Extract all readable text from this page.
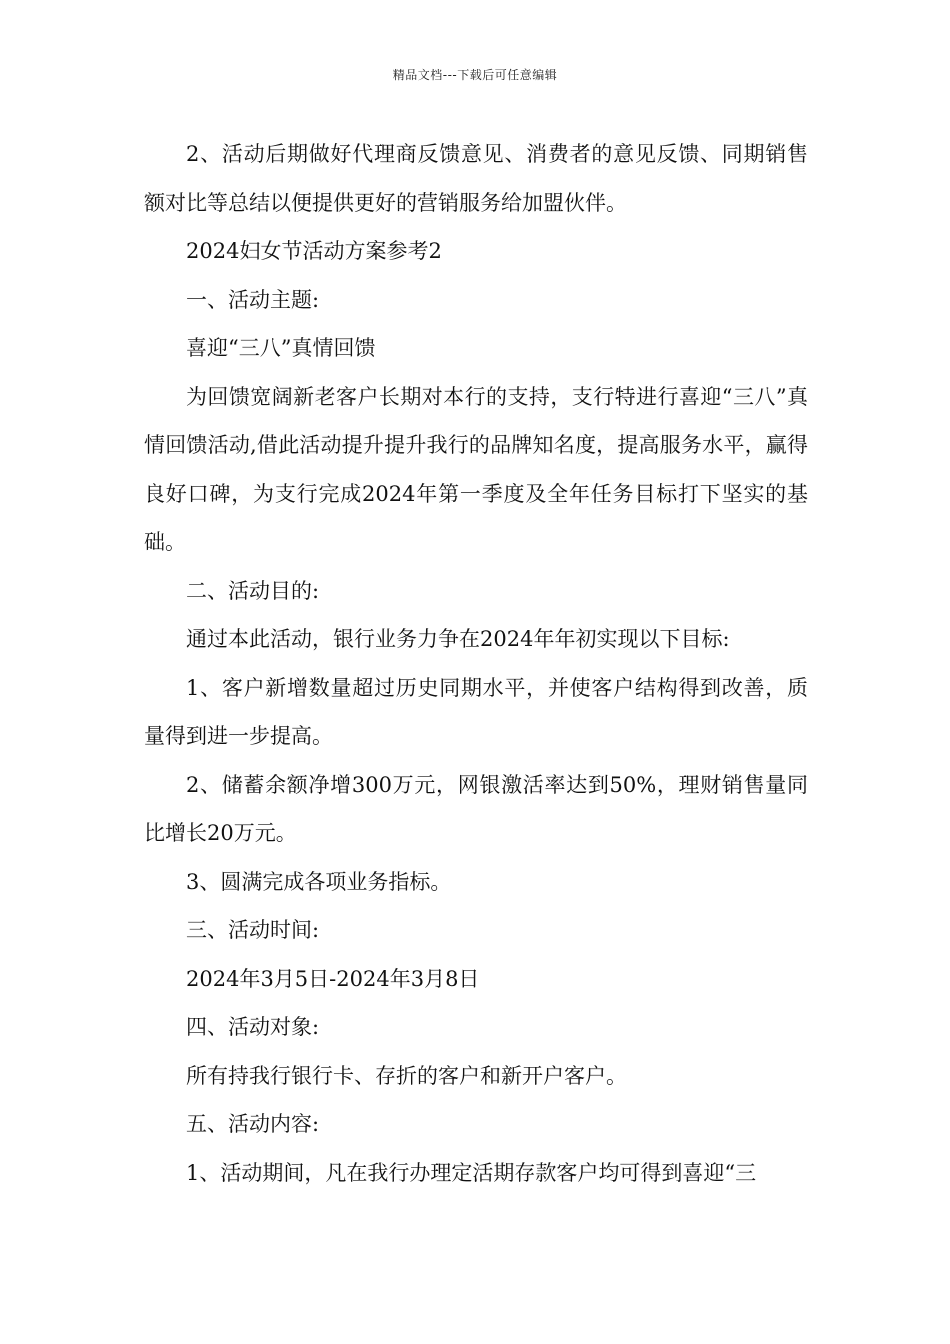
精品文档---下载后可任意编辑

2、活动后期做好代理商反馈意见、消费者的意见反馈、同期销售额对比等总结以便提供更好的营销服务给加盟伙伴。

2024妇女节活动方案参考2

一、活动主题:

喜迎“三八”真情回馈

为回馈宽阔新老客户长期对本行的支持，支行特进行喜迎“三八”真情回馈活动,借此活动提升提升我行的品牌知名度，提高服务水平，赢得良好口碑，为支行完成2024年第一季度及全年任务目标打下坚实的基础。

二、活动目的:

通过本此活动，银行业务力争在2024年年初实现以下目标:

1、客户新增数量超过历史同期水平，并使客户结构得到改善，质量得到进一步提高。

2、储蓄余额净增300万元，网银激活率达到50%，理财销售量同比增长20万元。

3、圆满完成各项业务指标。

三、活动时间:

2024年3月5日-2024年3月8日

四、活动对象:

所有持我行银行卡、存折的客户和新开户客户。

五、活动内容:

1、活动期间，凡在我行办理定活期存款客户均可得到喜迎“三
